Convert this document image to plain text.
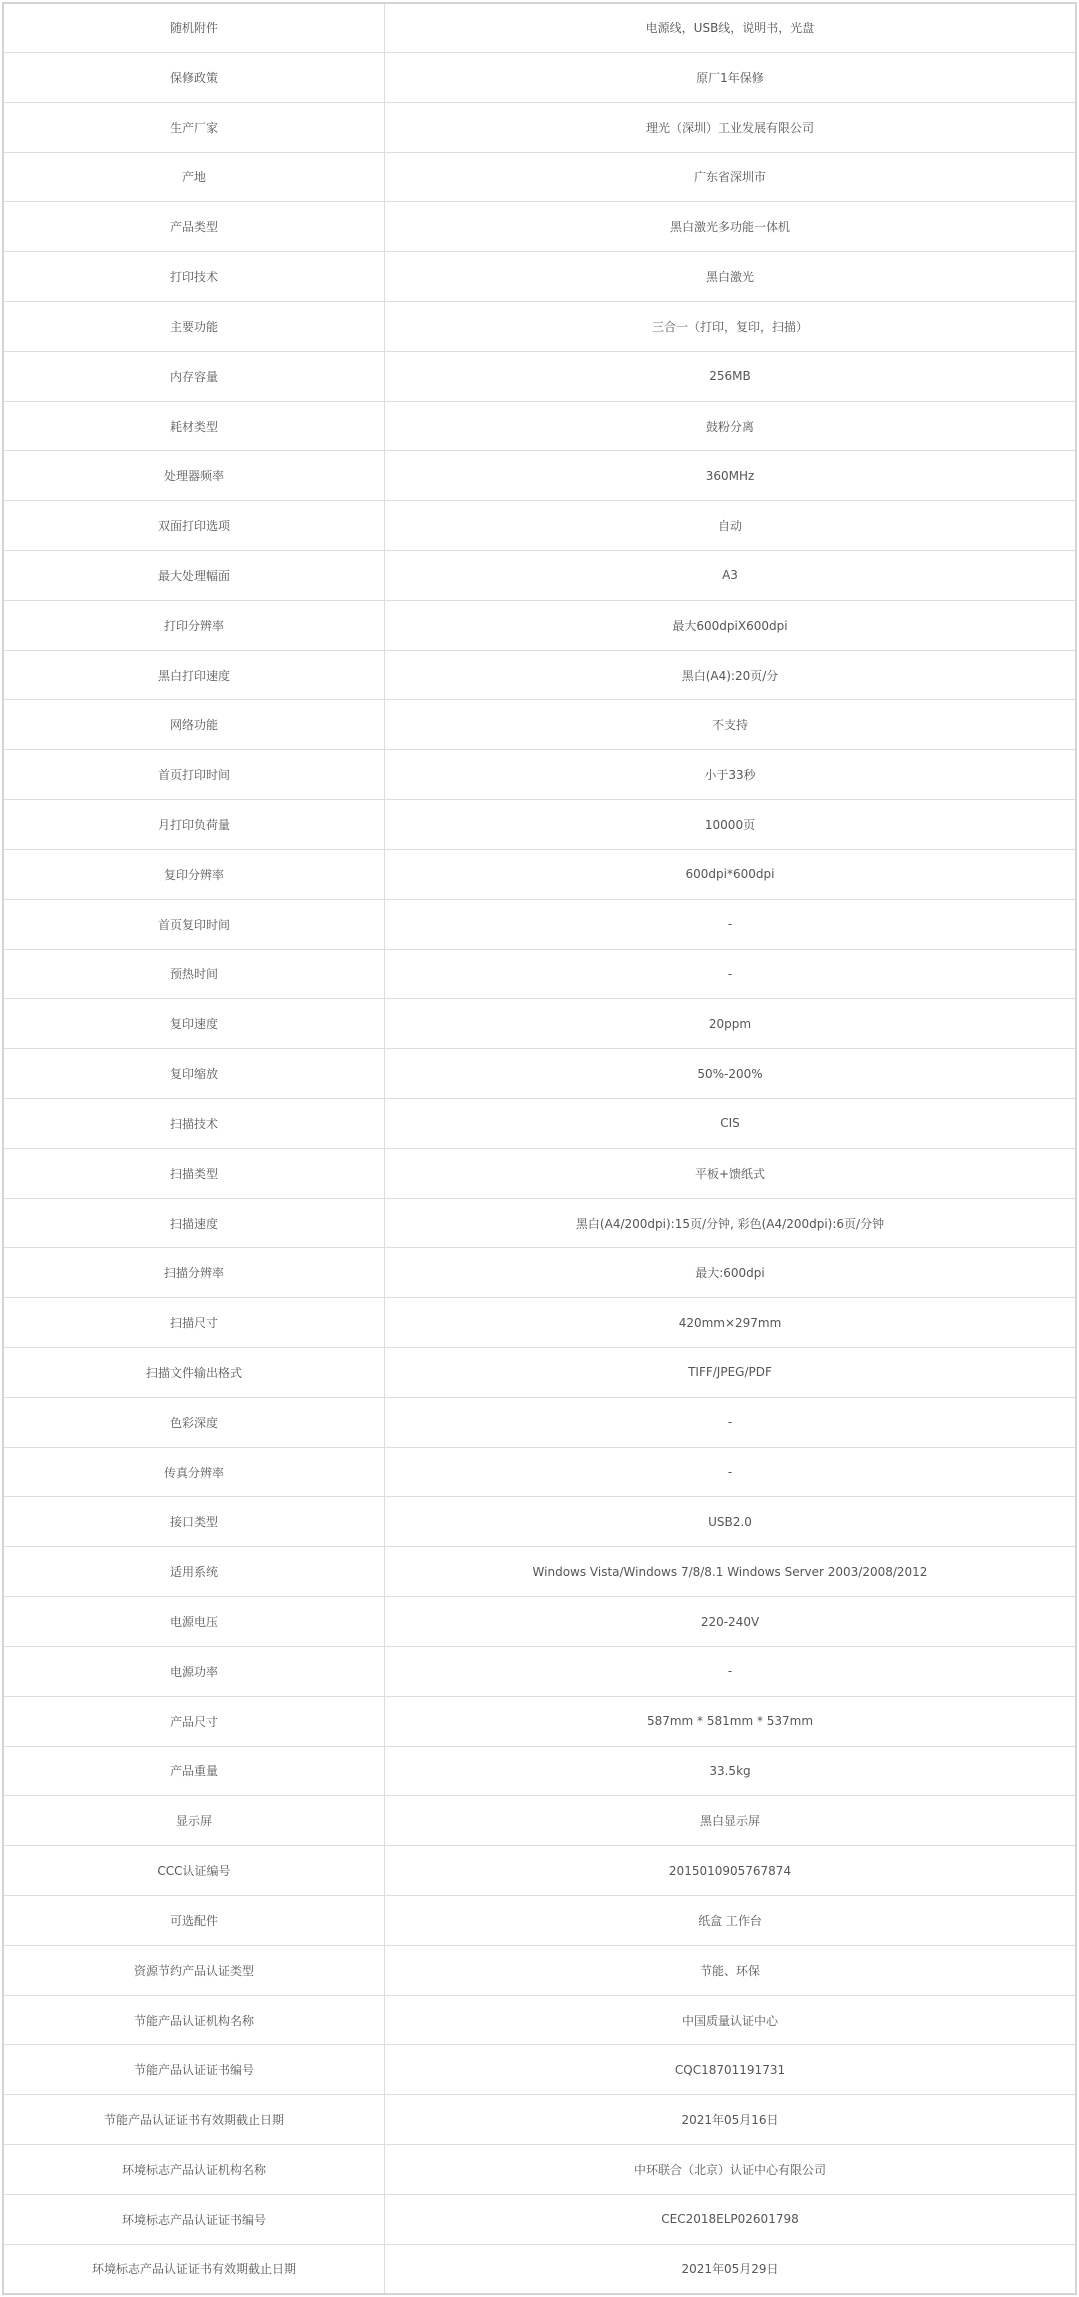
随机附件	电源线，USB线，说明书，光盘
保修政策	原厂1年保修
生产厂家	理光（深圳）工业发展有限公司
产地	广东省深圳市
产品类型	黑白激光多功能一体机
打印技术	黑白激光
主要功能	三合一（打印，复印，扫描）
内存容量	256MB
耗材类型	鼓粉分离
处理器频率	360MHz
双面打印选项	自动
最大处理幅面	A3
打印分辨率	最大600dpiX600dpi
黑白打印速度	黑白(A4):20页/分
网络功能	不支持
首页打印时间	小于33秒
月打印负荷量	10000页
复印分辨率	600dpi*600dpi
首页复印时间	-
预热时间	-
复印速度	20ppm
复印缩放	50%-200%
扫描技术	CIS
扫描类型	平板+馈纸式
扫描速度	黑白(A4/200dpi):15页/分钟, 彩色(A4/200dpi):6页/分钟
扫描分辨率	最大:600dpi
扫描尺寸	420mm×297mm
扫描文件输出格式	TIFF/JPEG/PDF
色彩深度	-
传真分辨率	-
接口类型	USB2.0
适用系统	Windows Vista/Windows 7/8/8.1 Windows Server 2003/2008/2012
电源电压	220-240V
电源功率	-
产品尺寸	587mm * 581mm * 537mm
产品重量	33.5kg
显示屏	黑白显示屏
CCC认证编号	2015010905767874
可选配件	纸盒 工作台
资源节约产品认证类型	节能、环保
节能产品认证机构名称	中国质量认证中心
节能产品认证证书编号	CQC18701191731
节能产品认证证书有效期截止日期	2021年05月16日
环境标志产品认证机构名称	中环联合（北京）认证中心有限公司
环境标志产品认证证书编号	CEC2018ELP02601798
环境标志产品认证证书有效期截止日期	2021年05月29日
